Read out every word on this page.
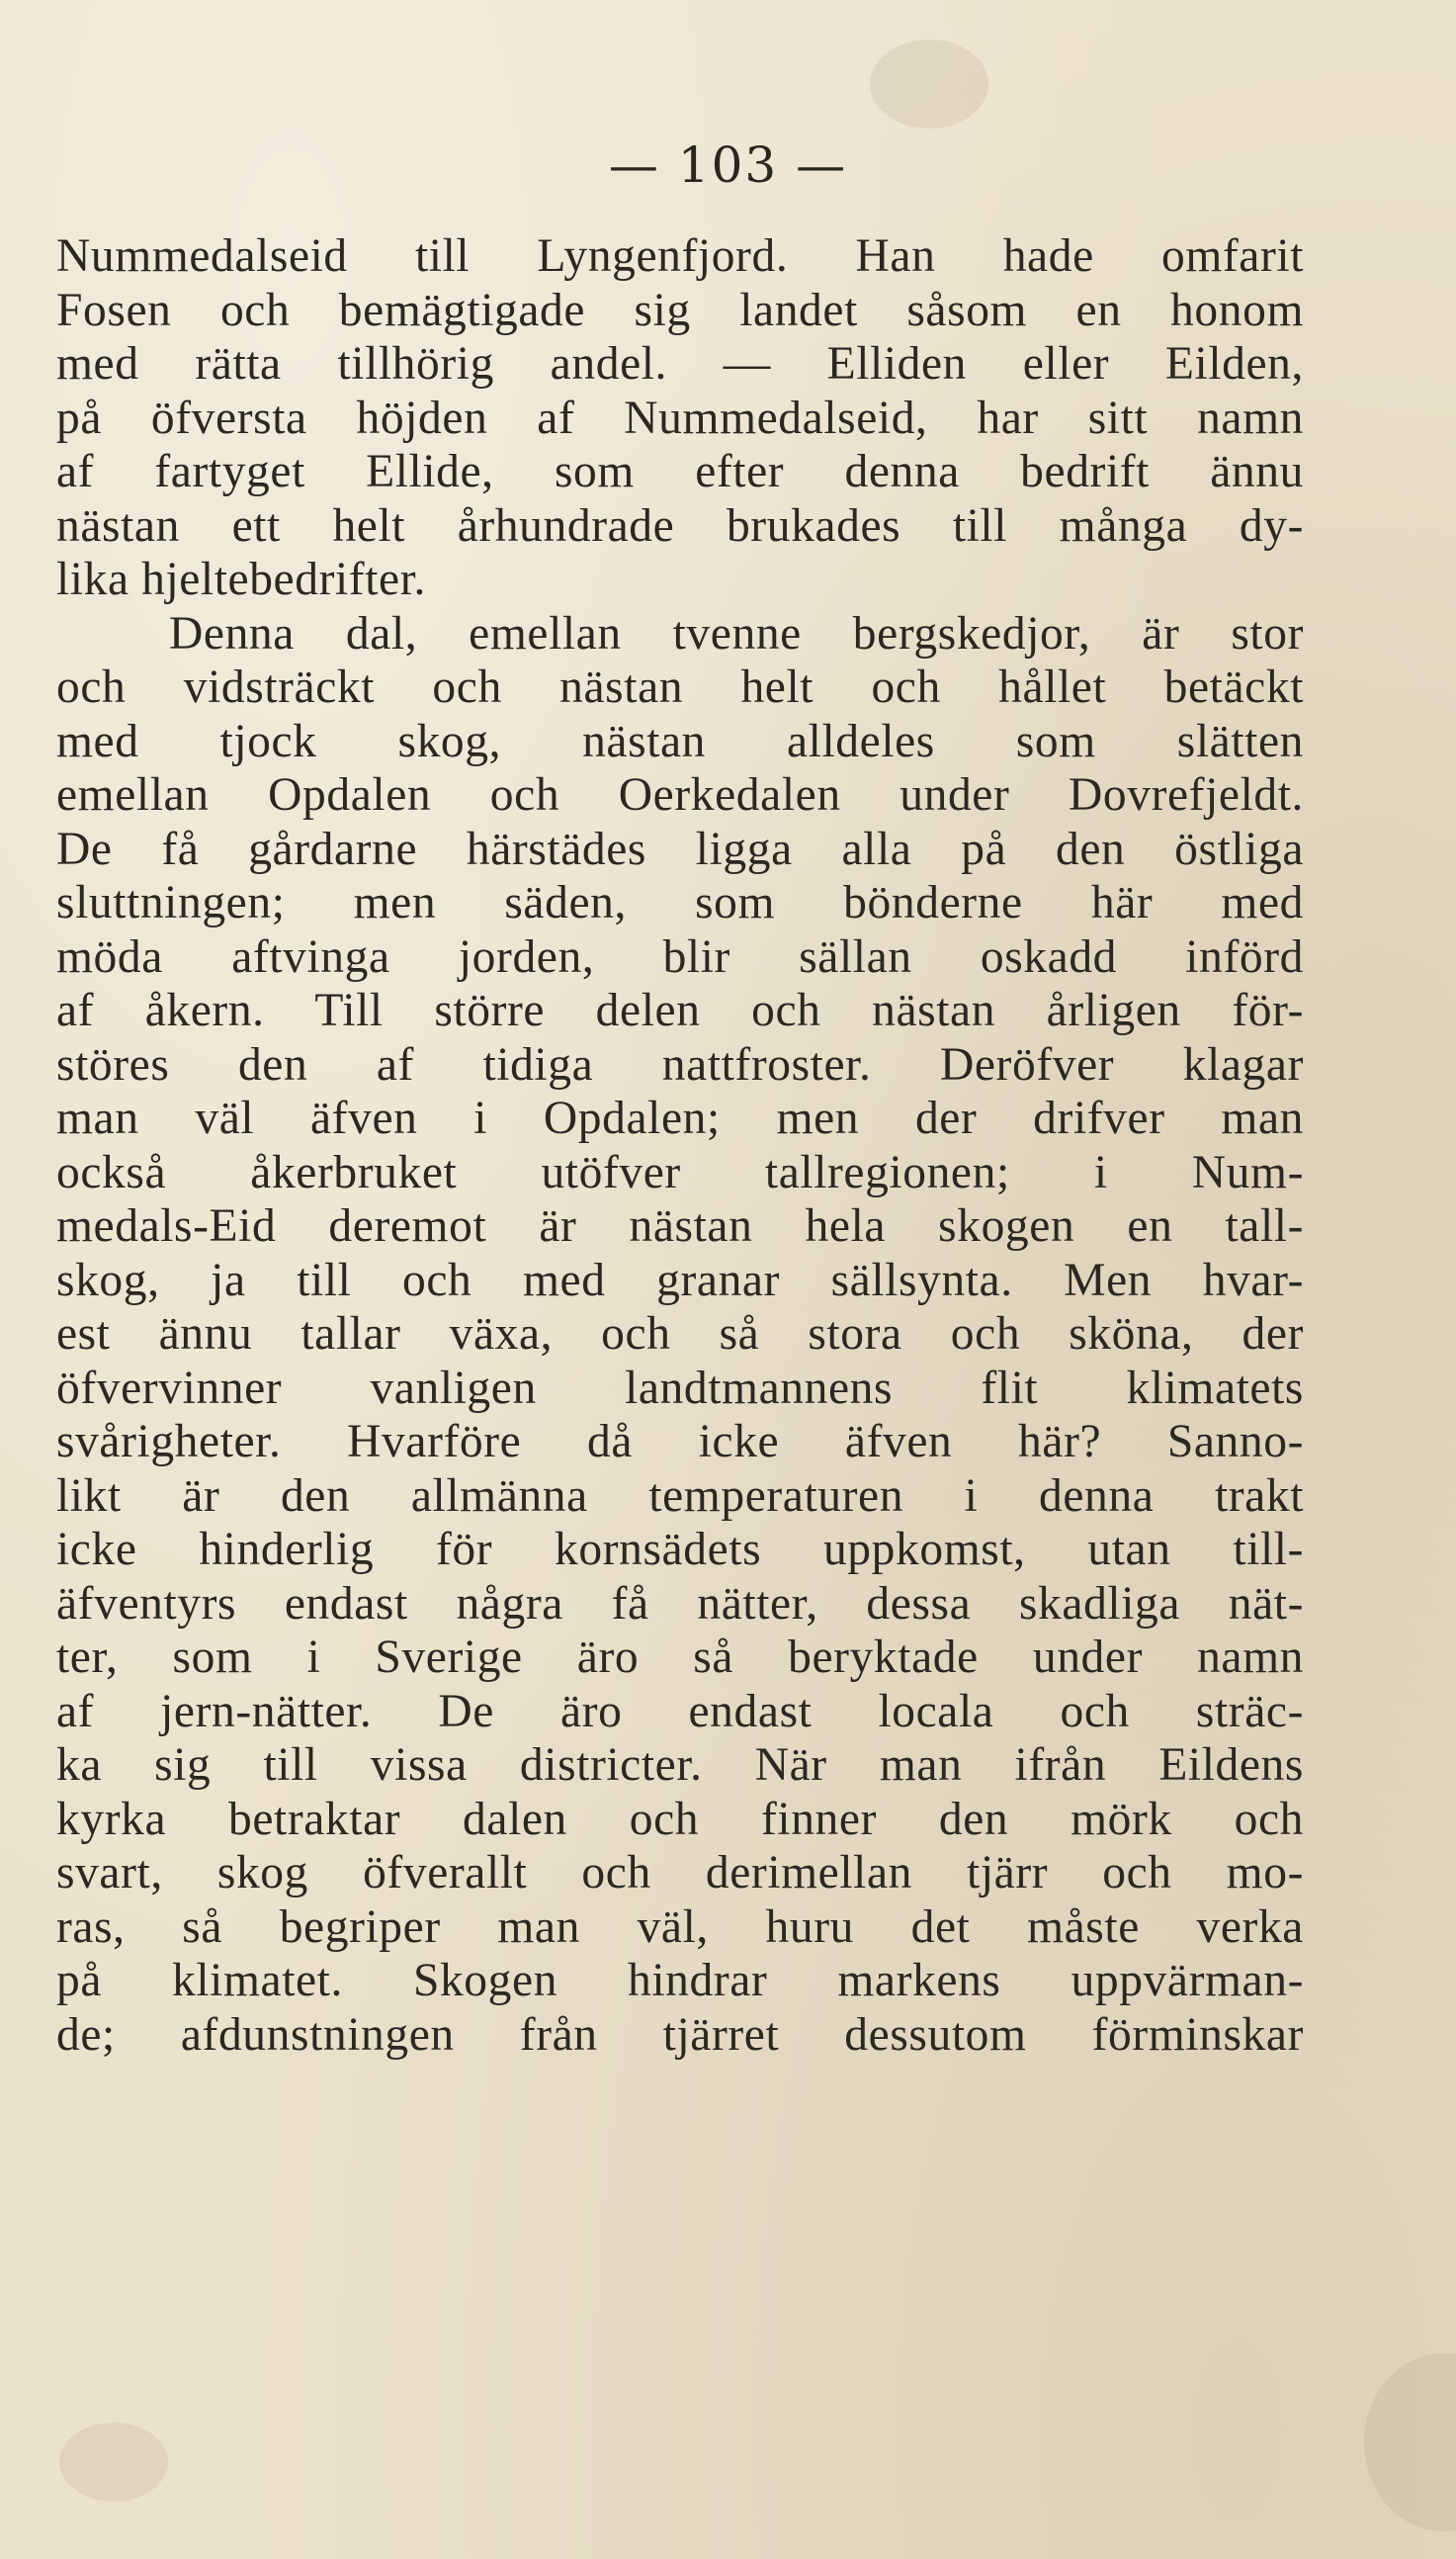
— 103 —
Nummedalseid till Lyngenfjord. Han hade omfarit
Fosen och bemägtigade sig landet såsom en honom
med rätta tillhörig andel. — Elliden eller Eilden,
på öfversta höjden af Nummedalseid, har sitt namn
af fartyget Ellide, som efter denna bedrift ännu
nästan ett helt århundrade brukades till många dy-
lika hjeltebedrifter.
Denna dal, emellan tvenne bergskedjor, är stor
och vidsträckt och nästan helt och hållet betäckt
med tjock skog, nästan alldeles som slätten
emellan Opdalen och Oerkedalen under Dovrefjeldt.
De få gårdarne härstädes ligga alla på den östliga
sluttningen; men säden, som bönderne här med
möda aftvinga jorden, blir sällan oskadd införd
af åkern. Till större delen och nästan årligen för-
störes den af tidiga nattfroster. Deröfver klagar
man väl äfven i Opdalen; men der drifver man
också åkerbruket utöfver tallregionen; i Num-
medals-Eid deremot är nästan hela skogen en tall-
skog, ja till och med granar sällsynta. Men hvar-
est ännu tallar växa, och så stora och sköna, der
öfvervinner vanligen landtmannens flit klimatets
svårigheter. Hvarföre då icke äfven här? Sanno-
likt är den allmänna temperaturen i denna trakt
icke hinderlig för kornsädets uppkomst, utan till-
äfventyrs endast några få nätter, dessa skadliga nät-
ter, som i Sverige äro så beryktade under namn
af jern-nätter. De äro endast locala och sträc-
ka sig till vissa districter. När man ifrån Eildens
kyrka betraktar dalen och finner den mörk och
svart, skog öfverallt och derimellan tjärr och mo-
ras, så begriper man väl, huru det måste verka
på klimatet. Skogen hindrar markens uppvärman-
de; afdunstningen från tjärret dessutom förminskar
